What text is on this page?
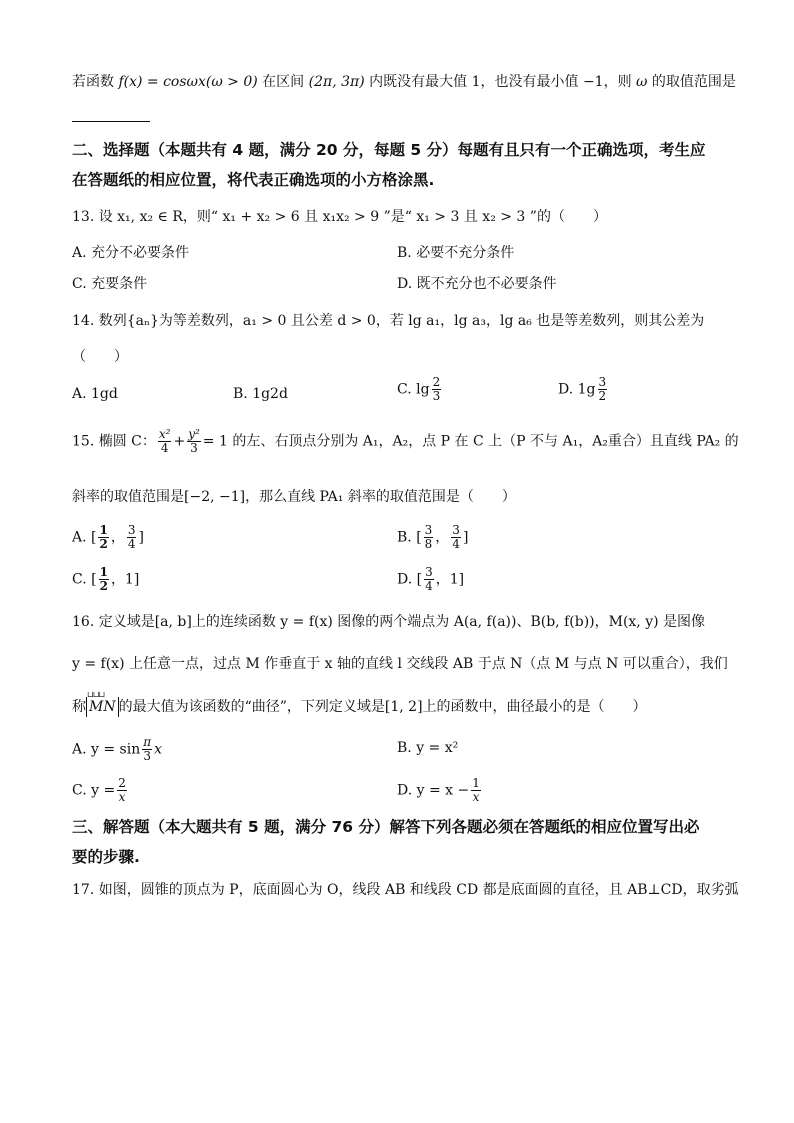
若函数 f(x) = cosωx(ω > 0) 在区间 (2π, 3π) 内既没有最大值 1，也没有最小值 −1，则 ω 的取值范围是
二、选择题（本题共有 4 题，满分 20 分，每题 5 分）每题有且只有一个正确选项，考生应
在答题纸的相应位置，将代表正确选项的小方格涂黑.
13. 设 x₁, x₂ ∈ R，则“ x₁ + x₂ > 6 且 x₁x₂ > 9 ”是“ x₁ > 3 且 x₂ > 3 ”的（　　）
A. 充分不必要条件	B. 必要不充分条件
C. 充要条件	D. 既不充分也不必要条件
14. 数列{aₙ}为等差数列，a₁ > 0 且公差 d > 0，若 lg a₁，lg a₃，lg a₆ 也是等差数列，则其公差为
（　　）
A. 1gd	B. 1g2d	C. $\lg \frac{2}{3}$	D. $1g \frac{3}{2}$
15. 椭圆 C： $\frac{\text{x²}}{4} + \frac{\text{y²}}{3} = 1$ 的左、右顶点分别为 A₁，A₂，点 P 在 C 上（P 不与 A₁，A₂重合）且直线 PA₂ 的
斜率的取值范围是[−2, −1]，那么直线 PA₁ 斜率的取值范围是（　　）
A. [ $\frac{1}{2}$ ， $\frac{3}{4}$ ]	B. [ $\frac{3}{8}$ ， $\frac{3}{4}$ ]
C. [ $\frac{1}{2}$ ，1]	D. [ $\frac{3}{4}$ ，1]
16. 定义域是[a, b]上的连续函数 y = f(x) 图像的两个端点为 A(a, f(a))、B(b, f(b))，M(x, y) 是图像
y = f(x) 上任意一点，过点 M 作垂直于 x 轴的直线 l 交线段 AB 于点 N（点 M 与点 N 可以重合），我们
称⊔⊔⊔ MN 的最大值为该函数的“曲径”，下列定义域是[1, 2]上的函数中，曲径最小的是（　　）
A. $y = \sin \frac{\pi}{3}$ x	B. y = x²
C. $y = \frac{2}{x}$	D. $y = x - \frac{1}{x}$
三、解答题（本大题共有 5 题，满分 76 分）解答下列各题必须在答题纸的相应位置写出必
要的步骤.
17. 如图，圆锥的顶点为 P，底面圆心为 O，线段 AB 和线段 CD 都是底面圆的直径，且 AB⊥CD，取劣弧
